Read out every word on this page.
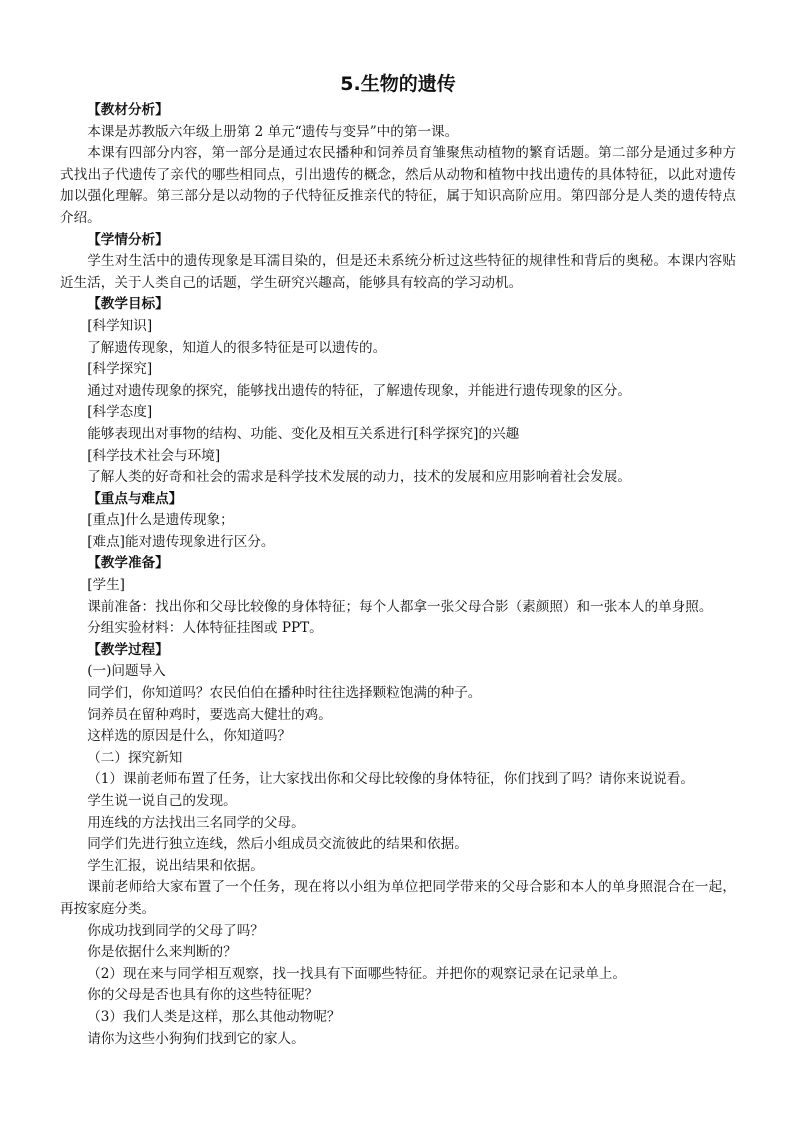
5.生物的遗传

【教材分析】

本课是苏教版六年级上册第 2 单元“遗传与变异”中的第一课。

本课有四部分内容，第一部分是通过农民播种和饲养员育雏聚焦动植物的繁育话题。第二部分是通过多种方式找出子代遗传了亲代的哪些相同点，引出遗传的概念，然后从动物和植物中找出遗传的具体特征，以此对遗传加以强化理解。第三部分是以动物的子代特征反推亲代的特征，属于知识高阶应用。第四部分是人类的遗传特点介绍。

【学情分析】

学生对生活中的遗传现象是耳濡目染的，但是还未系统分析过这些特征的规律性和背后的奥秘。本课内容贴近生活，关于人类自己的话题，学生研究兴趣高，能够具有较高的学习动机。

【教学目标】

[科学知识]

了解遗传现象，知道人的很多特征是可以遗传的。

[科学探究]

通过对遗传现象的探究，能够找出遗传的特征，了解遗传现象，并能进行遗传现象的区分。

[科学态度]

能够表现出对事物的结构、功能、变化及相互关系进行[科学探究]的兴趣

[科学技术社会与环境]

了解人类的好奇和社会的需求是科学技术发展的动力，技术的发展和应用影响着社会发展。

【重点与难点】

[重点]什么是遗传现象；

[难点]能对遗传现象进行区分。

【教学准备】

[学生]

课前准备：找出你和父母比较像的身体特征；每个人都拿一张父母合影（素颜照）和一张本人的单身照。

分组实验材料：人体特征挂图或 PPT。

【教学过程】

(一)问题导入

同学们，你知道吗？农民伯伯在播种时往往选择颗粒饱满的种子。

饲养员在留种鸡时，要选高大健壮的鸡。

这样选的原因是什么，你知道吗？

（二）探究新知

（1）课前老师布置了任务，让大家找出你和父母比较像的身体特征，你们找到了吗？请你来说说看。

学生说一说自己的发现。

用连线的方法找出三名同学的父母。

同学们先进行独立连线，然后小组成员交流彼此的结果和依据。

学生汇报，说出结果和依据。

课前老师给大家布置了一个任务，现在将以小组为单位把同学带来的父母合影和本人的单身照混合在一起，再按家庭分类。

你成功找到同学的父母了吗？

你是依据什么来判断的？

（2）现在来与同学相互观察，找一找具有下面哪些特征。并把你的观察记录在记录单上。

你的父母是否也具有你的这些特征呢？

（3）我们人类是这样，那么其他动物呢？

请你为这些小狗狗们找到它的家人。
